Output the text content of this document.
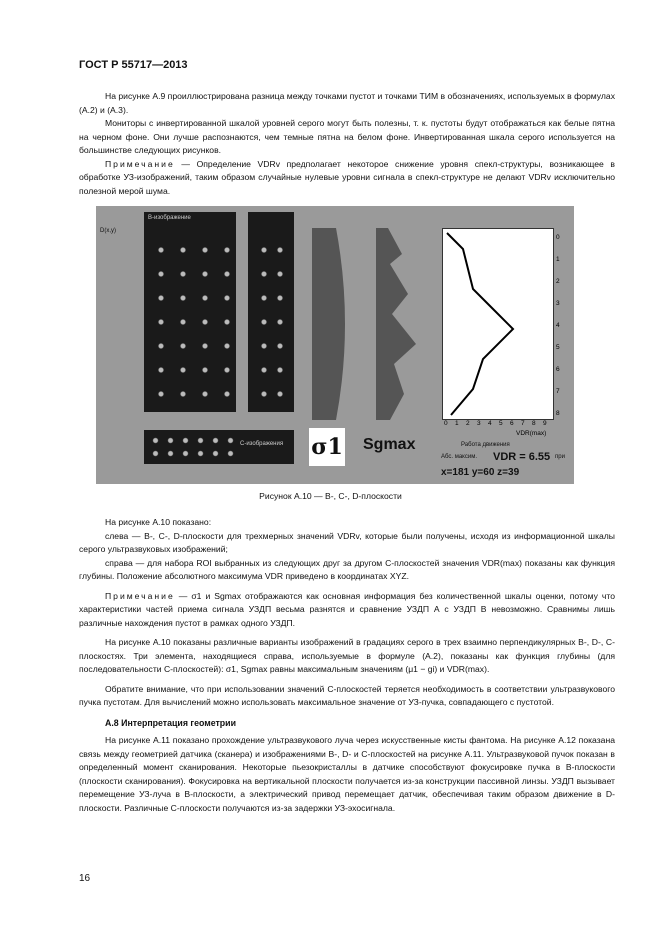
ГОСТ Р 55717—2013

На рисунке А.9 проиллюстрирована разница между точками пустот и точками ТИМ в обозначениях, используемых в формулах (А.2) и (А.3).

Мониторы с инвертированной шкалой уровней серого могут быть полезны, т. к. пустоты будут отображаться как белые пятна на черном фоне. Они лучше распознаются, чем темные пятна на белом фоне. Инвертированная шкала серого используется на большинстве следующих рисунков.

Примечание — Определение VDRv предполагает некоторое снижение уровня спекл-структуры, возникающее в обработке УЗ-изображений, таким образом случайные нулевые уровни сигнала в спекл-структуре не делают VDRv исключительно полезной мерой шума.

B-изображение
D(x,y)
C-изображения σ1 Sgmax
0
1
2
3
4
5
6
7
8
0 1 2 3 4 5 6 7 8 9
VDR(max)
Работа движения
Абс. максим. VDR = 6.55 при
x=181 y=60 z=39
Рисунок А.10 — B-, C-, D-плоскости

На рисунке А.10 показано:

слева — B-, C-, D-плоскости для трехмерных значений VDRv, которые были получены, исходя из информационной шкалы серого ультразвуковых изображений;

справа — для набора ROI выбранных из следующих друг за другом C-плоскостей значения VDR(max) показаны как функция глубины. Положение абсолютного максимума VDR приведено в координатах XYZ.

Примечание — σ1 и Sgmax отображаются как основная информация без количественной шкалы оценки, потому что характеристики частей приема сигнала УЗДП весьма разнятся и сравнение УЗДП А с УЗДП В невозможно. Сравнимы лишь различные нахождения пустот в рамках одного УЗДП.

На рисунке А.10 показаны различные варианты изображений в градациях серого в трех взаимно перпендикулярных B-, D-, C- плоскостях. Три элемента, находящиеся справа, используемые в формуле (А.2), показаны как функция глубины (для последовательности C-плоскостей): σ1, Sgmax равны максимальным значениям (μ1 − gi) и VDR(max).

Обратите внимание, что при использовании значений C-плоскостей теряется необходимость в соответствии ультразвукового пучка пустотам. Для вычислений можно использовать максимальное значение от УЗ-пучка, совпадающего с пустотой.

А.8 Интерпретация геометрии

На рисунке А.11 показано прохождение ультразвукового луча через искусственные кисты фантома. На рисунке А.12 показана связь между геометрией датчика (сканера) и изображениями B-, D- и C-плоскостей на рисунке А.11. Ультразвуковой пучок показан в определенный момент сканирования. Некоторые пьезокристаллы в датчике способствуют фокусировке пучка в B-плоскости (плоскости сканирования). Фокусировка на вертикальной плоскости получается из-за конструкции пассивной линзы. УЗДП вызывает перемещение УЗ-луча в B-плоскости, а электрический привод перемещает датчик, обеспечивая таким образом движение в D-плоскости. Различные C-плоскости получаются из-за задержки УЗ-эхосигнала.

16
